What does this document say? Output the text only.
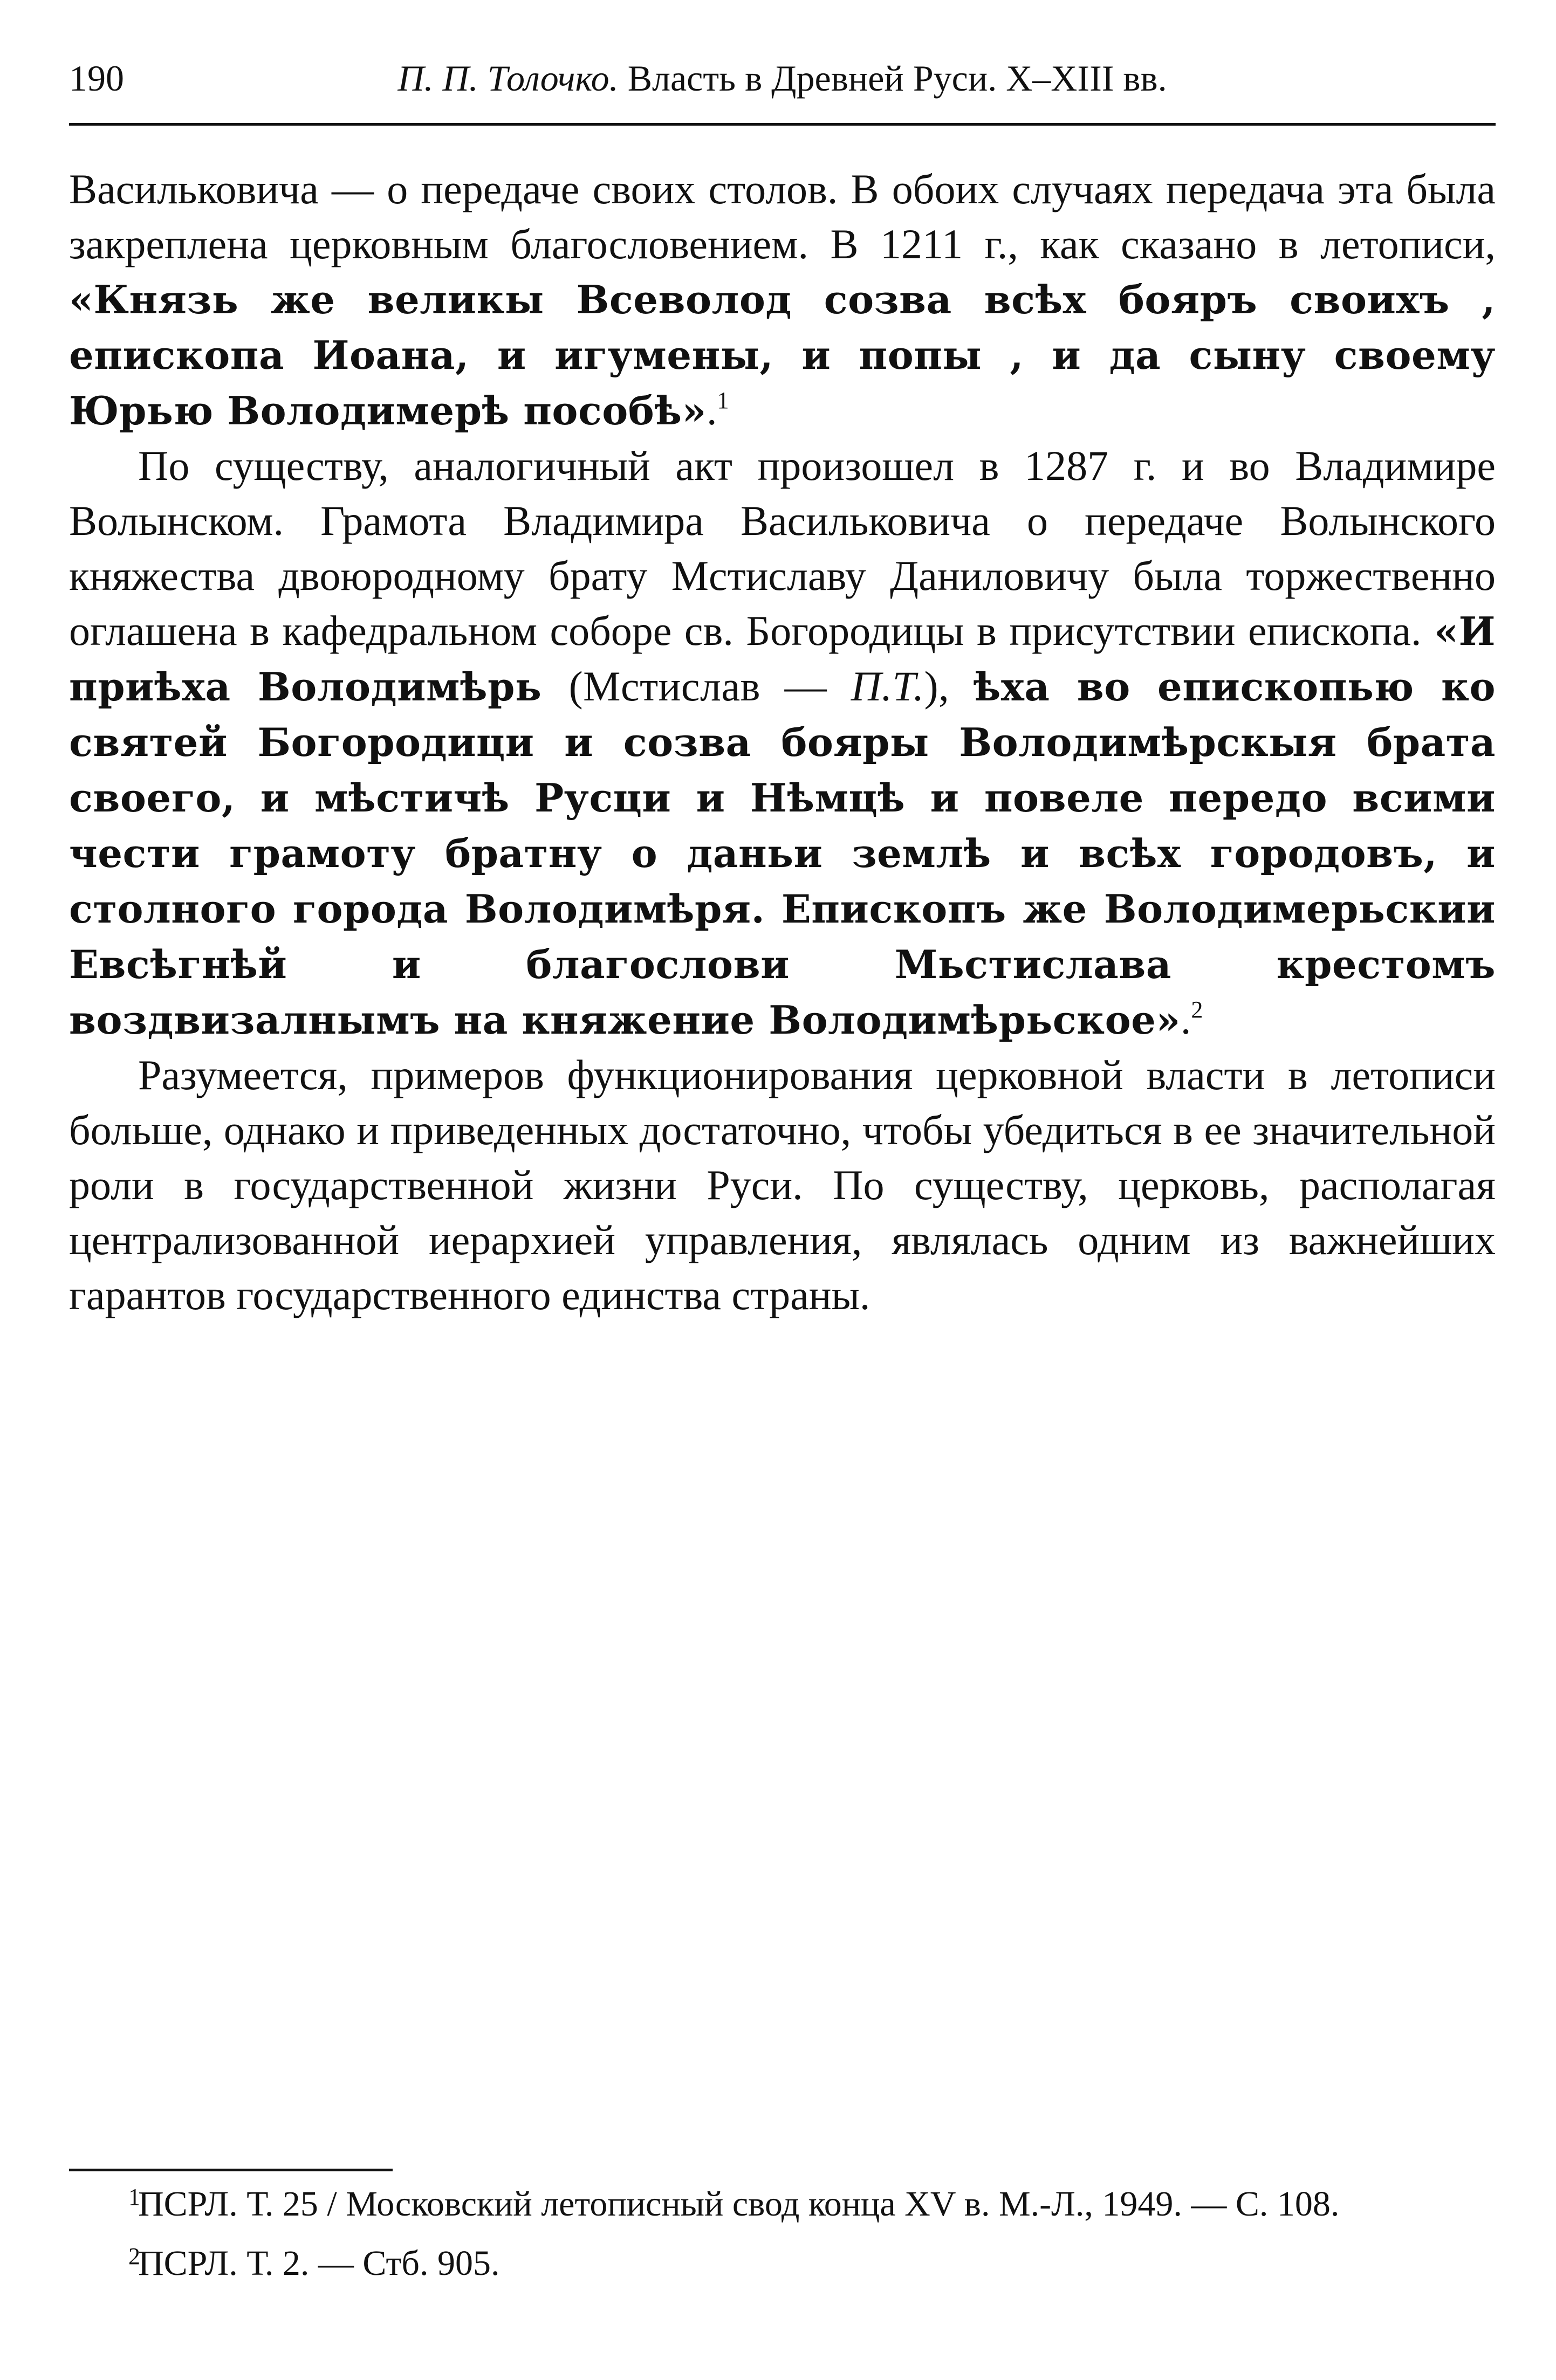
190	П. П. Толочко. Власть в Древней Руси. X–XIII вв.

Васильковича — о передаче своих столов. В обоих случаях передача эта была закреплена церковным благословением. В 1211 г., как сказано в летописи, «Князь же великы Всеволод созва всѣх бояръ своихъ , епископа Иоана, и игумены, и попы , и да сыну своему Юрью Володимерѣ пособѣ».$^1$

По существу, аналогичный акт произошел в 1287 г. и во Владимире Волынском. Грамота Владимира Васильковича о передаче Волынского княжества двоюродному брату Мстиславу Даниловичу была торжественно оглашена в кафедральном соборе св. Богородицы в присутствии епископа. «И приѣха Володимѣрь (Мстислав — П.Т.), ѣха во епископью ко святей Богородици и созва бояры Володимѣрскыя брата своего, и мѣстичѣ Русци и Нѣмцѣ и повеле передо всими чести грамоту братну о даньи землѣ и всѣх городовъ, и столного города Володимѣря. Епископъ же Володимерьскии Евсѣгнѣй и благослови Мьстислава крестомъ воздвизалнымъ на княжение Володимѣрьское».$^2$

Разумеется, примеров функционирования церковной власти в летописи больше, однако и приведенных достаточно, чтобы убедиться в ее значительной роли в государственной жизни Руси. По существу, церковь, располагая централизованной иерархией управления, являлась одним из важнейших гарантов государственного единства страны.

1
ПСРЛ. Т. 25 / Московский летописный свод конца XV в. М.-Л., 1949. — С. 108.

2
ПСРЛ. Т. 2. — Стб. 905.
